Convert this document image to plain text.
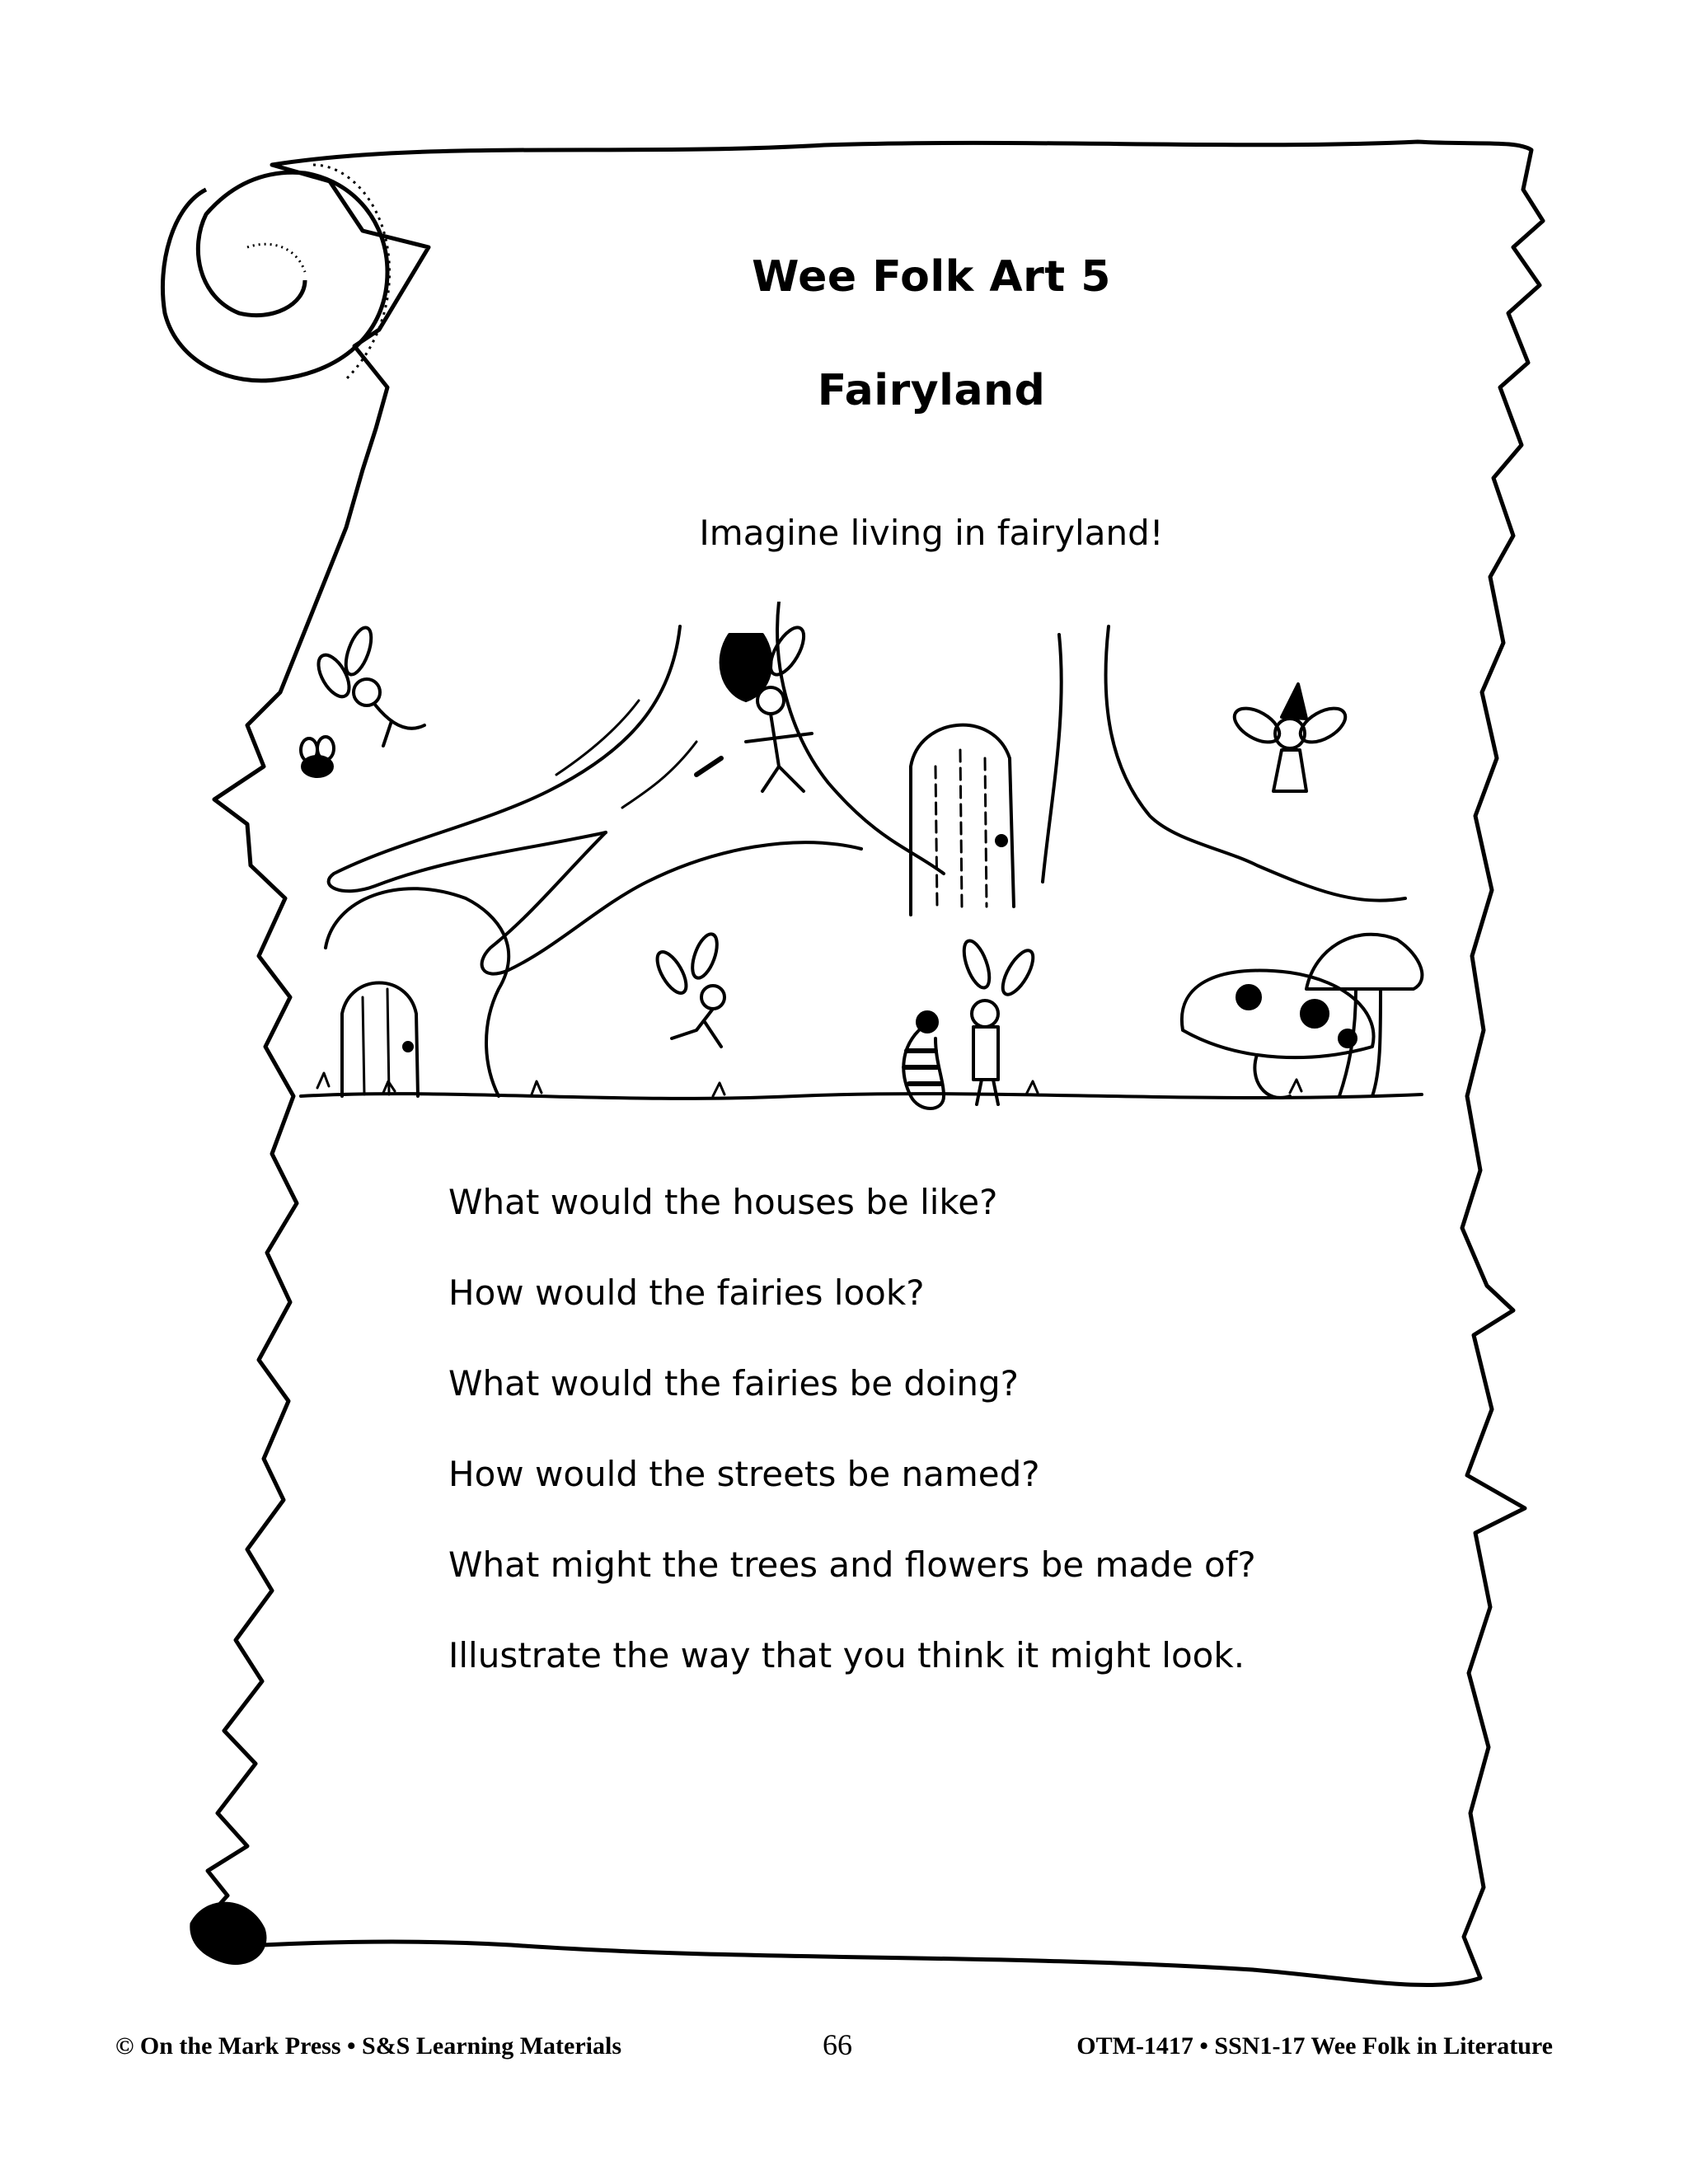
Wee Folk Art 5
Fairyland
Imagine living in fairyland!
What would the houses be like?
How would the fairies look?
What would the fairies be doing?
How would the streets be named?
What might the trees and flowers be made of?
Illustrate the way that you think it might look.
© On the Mark Press • S&S Learning Materials	66	OTM-1417 • SSN1-17 Wee Folk in Literature
